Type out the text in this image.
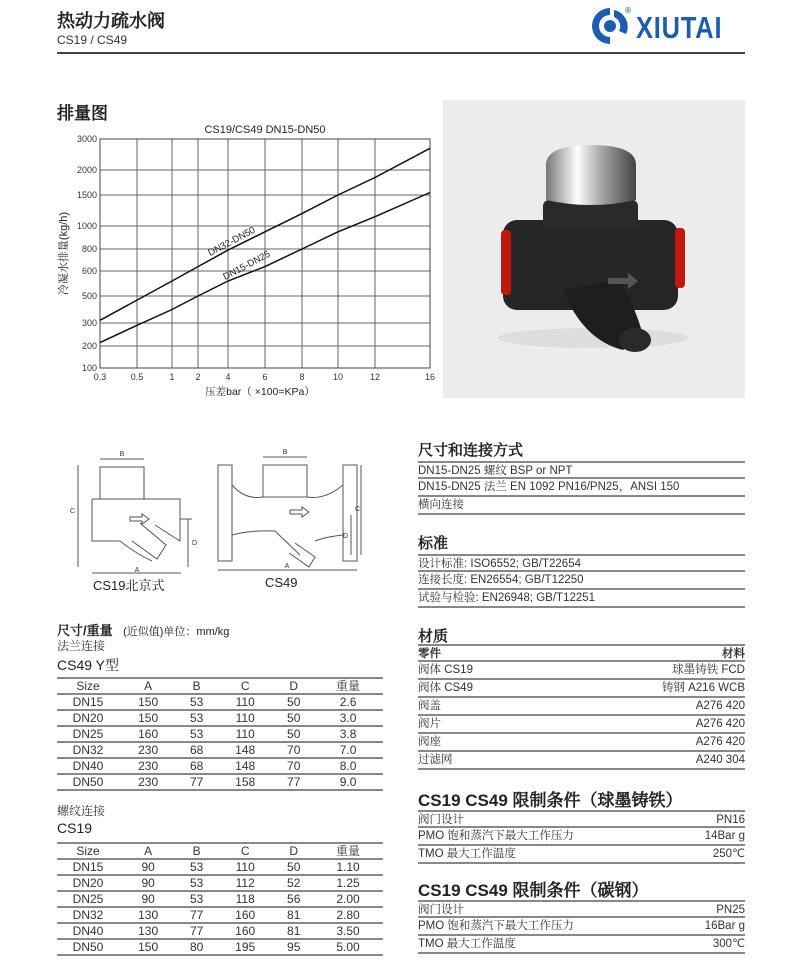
热动力疏水阀
CS19 / CS49
® XIUTAI
排量图
0.3	0.5	1 2	4	6	8	10	12	16
100
200
300
500
600
800
1000
1500
2000
3000
CS19/CS49 DN15-DN50
压差bar（ ×100=KPa）
冷凝水排量(kg/h)	DN32-DN50
DN15-DN25
B
C
D
A
CS19北京式
B
C
D
A
CS49
尺寸/重量 (近似值)单位：mm/kg
法兰连接
CS49 Y型
Size	A	B	C	D	重量
DN15	150	53	110	50	2.6
DN20	150	53	110	50	3.0
DN25	160	53	110	50	3.8
DN32	230	68	148	70	7.0
DN40	230	68	148	70	8.0
DN50	230	77	158	77	9.0
螺纹连接
CS19
Size	A	B	C	D	重量
DN15	90	53	110	50	1.10
DN20	90	53	112	52	1.25
DN25	90	53	118	56	2.00
DN32	130	77	160	81	2.80
DN40	130	77	160	81	3.50
DN50	150	80	195	95	5.00
尺寸和连接方式
DN15-DN25 螺纹 BSP or NPT
DN15-DN25 法兰 EN 1092 PN16/PN25，ANSI 150
横向连接
标准
设计标准: ISO6552; GB/T22654
连接长度: EN26554; GB/T12250
试验与检验: EN26948; GB/T12251
材质
零件	材料
阀体 CS19	球墨铸铁 FCD
阀体 CS49	铸钢 A216 WCB
阀盖	A276 420
阀片	A276 420
阀座	A276 420
过滤网	A240 304
CS19 CS49 限制条件（球墨铸铁）
阀门设计	PN16
PMO 饱和蒸汽下最大工作压力	14Bar g
TMO 最大工作温度	250℃
CS19 CS49 限制条件（碳钢）
阀门设计	PN25
PMO 饱和蒸汽下最大工作压力	16Bar g
TMO 最大工作温度	300℃
